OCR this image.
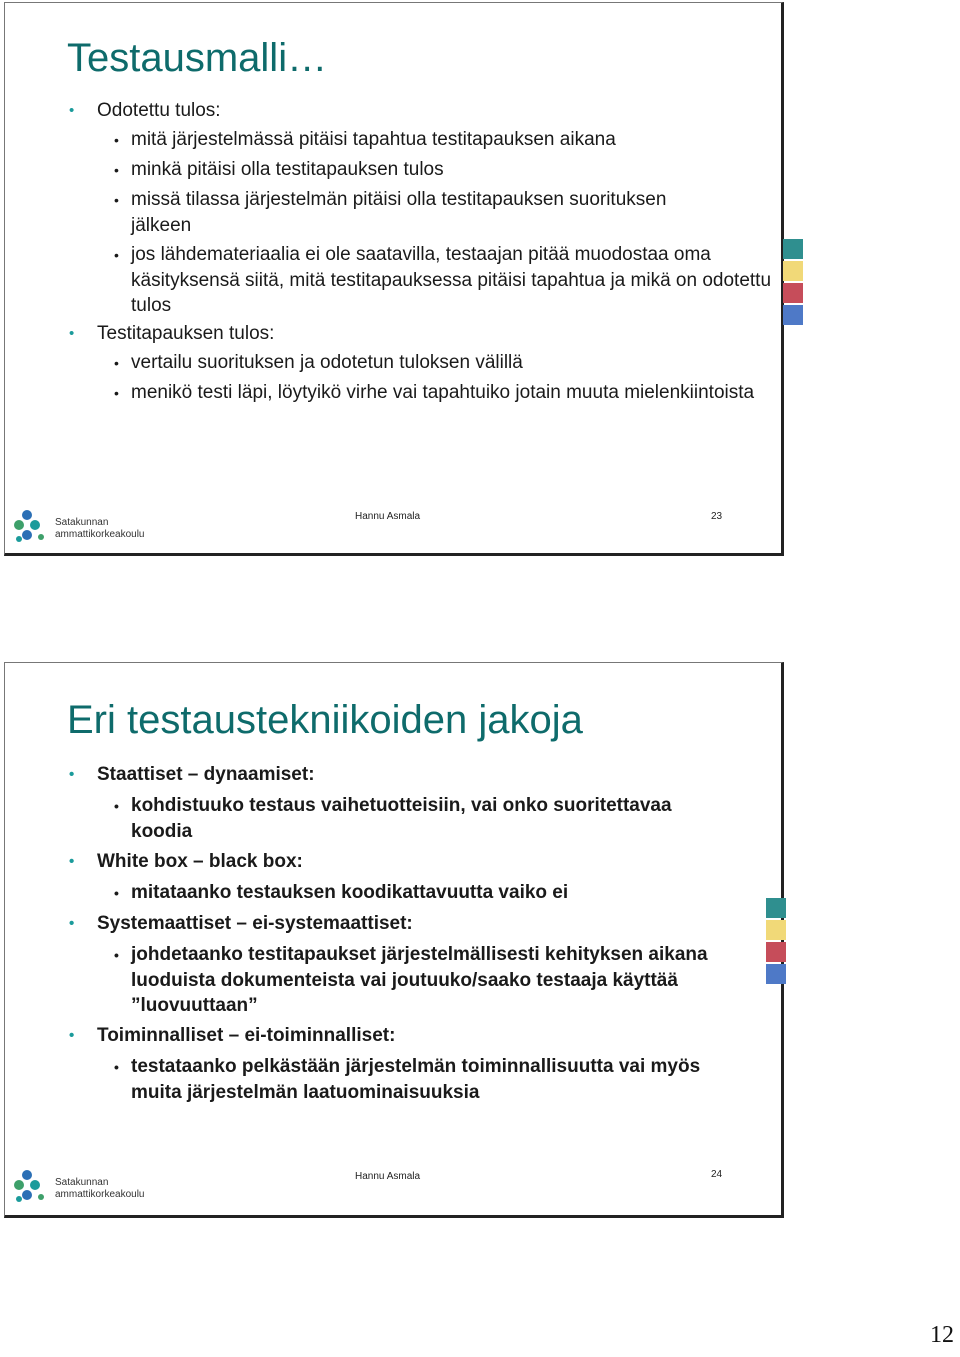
Testausmalli…
• Odotettu tulos:
• mitä järjestelmässä pitäisi tapahtua testitapauksen aikana
• minkä pitäisi olla testitapauksen tulos
• missä tilassa järjestelmän pitäisi olla testitapauksen suorituksen jälkeen
• jos lähdemateriaalia ei ole saatavilla, testaajan pitää muodostaa oma käsityksensä siitä, mitä testitapauksessa pitäisi tapahtua ja mikä on odotettu tulos
• Testitapauksen tulos:
• vertailu suorituksen ja odotetun tuloksen välillä
• menikö testi läpi, löytyikö virhe vai tapahtuiko jotain muuta mielenkiintoista
Satakunnan
ammattikorkeakoulu
Hannu Asmala	23
Eri testaustekniikoiden jakoja
• Staattiset – dynaamiset:
• kohdistuuko testaus vaihetuotteisiin, vai onko suoritettavaa koodia
• White box – black box:
• mitataanko testauksen koodikattavuutta vaiko ei
• Systemaattiset – ei-systemaattiset:
• johdetaanko testitapaukset järjestelmällisesti kehityksen aikana luoduista dokumenteista vai joutuuko/saako testaaja käyttää ”luovuuttaan”
• Toiminnalliset – ei-toiminnalliset:
• testataanko pelkästään järjestelmän toiminnallisuutta vai myös muita järjestelmän laatuominaisuuksia
Satakunnan
ammattikorkeakoulu
Hannu Asmala	24
12
